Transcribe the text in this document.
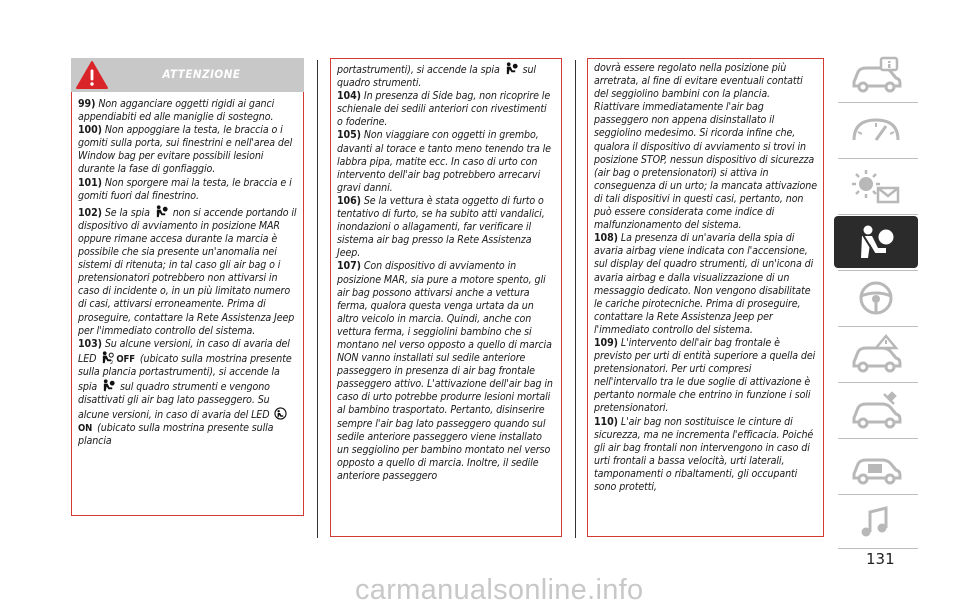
ATTENZIONE

99) Non agganciare oggetti rigidi ai ganci appendiabiti ed alle maniglie di sostegno.

100) Non appoggiare la testa, le braccia o i gomiti sulla porta, sui finestrini e nell'area del Window bag per evitare possibili lesioni durante la fase di gonfiaggio.

101) Non sporgere mai la testa, le braccia e i gomiti fuori dal finestrino.

102) Se la spia non si accende portando il dispositivo di avviamento in posizione MAR oppure rimane accesa durante la marcia è possibile che sia presente un'anomalia nei sistemi di ritenuta; in tal caso gli air bag o i pretensionatori potrebbero non attivarsi in caso di incidente o, in un più limitato numero di casi, attivarsi erroneamente. Prima di proseguire, contattare la Rete Assistenza Jeep per l'immediato controllo del sistema.

103) Su alcune versioni, in caso di avaria del LED	2 OFF (ubicato sulla mostrina presente sulla plancia portastrumenti), si accende la spia sul quadro strumenti e vengono disattivati gli air bag lato passeggero. Su alcune versioni, in caso di avaria del LED ON (ubicato sulla mostrina presente sulla plancia

portastrumenti), si accende la spia sul quadro strumenti.

104) In presenza di Side bag, non ricoprire le schienale dei sedili anteriori con rivestimenti o foderine.

105) Non viaggiare con oggetti in grembo, davanti al torace e tanto meno tenendo tra le labbra pipa, matite ecc. In caso di urto con intervento dell'air bag potrebbero arrecarvi gravi danni.

106) Se la vettura è stata oggetto di furto o tentativo di furto, se ha subito atti vandalici, inondazioni o allagamenti, far verificare il sistema air bag presso la Rete Assistenza Jeep.

107) Con dispositivo di avviamento in posizione MAR, sia pure a motore spento, gli air bag possono attivarsi anche a vettura ferma, qualora questa venga urtata da un altro veicolo in marcia. Quindi, anche con vettura ferma, i seggiolini bambino che si montano nel verso opposto a quello di marcia NON vanno installati sul sedile anteriore passeggero in presenza di air bag frontale passeggero attivo. L'attivazione dell'air bag in caso di urto potrebbe produrre lesioni mortali al bambino trasportato. Pertanto, disinserire sempre l'air bag lato passeggero quando sul sedile anteriore passeggero viene installato un seggiolino per bambino montato nel verso opposto a quello di marcia. Inoltre, il sedile anteriore passeggero

dovrà essere regolato nella posizione più arretrata, al fine di evitare eventuali contatti del seggiolino bambini con la plancia. Riattivare immediatamente l'air bag passeggero non appena disinstallato il seggiolino medesimo. Si ricorda infine che, qualora il dispositivo di avviamento si trovi in posizione STOP, nessun dispositivo di sicurezza (air bag o pretensionatori) si attiva in conseguenza di un urto; la mancata attivazione di tali dispositivi in questi casi, pertanto, non può essere considerata come indice di malfunzionamento del sistema.

108) La presenza di un'avaria della spia di avaria airbag viene indicata con l'accensione, sul display del quadro strumenti, di un'icona di avaria airbag e dalla visualizzazione di un messaggio dedicato. Non vengono disabilitate le cariche pirotecniche. Prima di proseguire, contattare la Rete Assistenza Jeep per l'immediato controllo del sistema.

109) L'intervento dell'air bag frontale è previsto per urti di entità superiore a quella dei pretensionatori. Per urti compresi nell'intervallo tra le due soglie di attivazione è pertanto normale che entrino in funzione i soli pretensionatori.

110) L'air bag non sostituisce le cinture di sicurezza, ma ne incrementa l'efficacia. Poiché gli air bag frontali non intervengono in caso di urti frontali a bassa velocità, urti laterali, tamponamenti o ribaltamenti, gli occupanti sono protetti,

131
carmanualsonline.info
